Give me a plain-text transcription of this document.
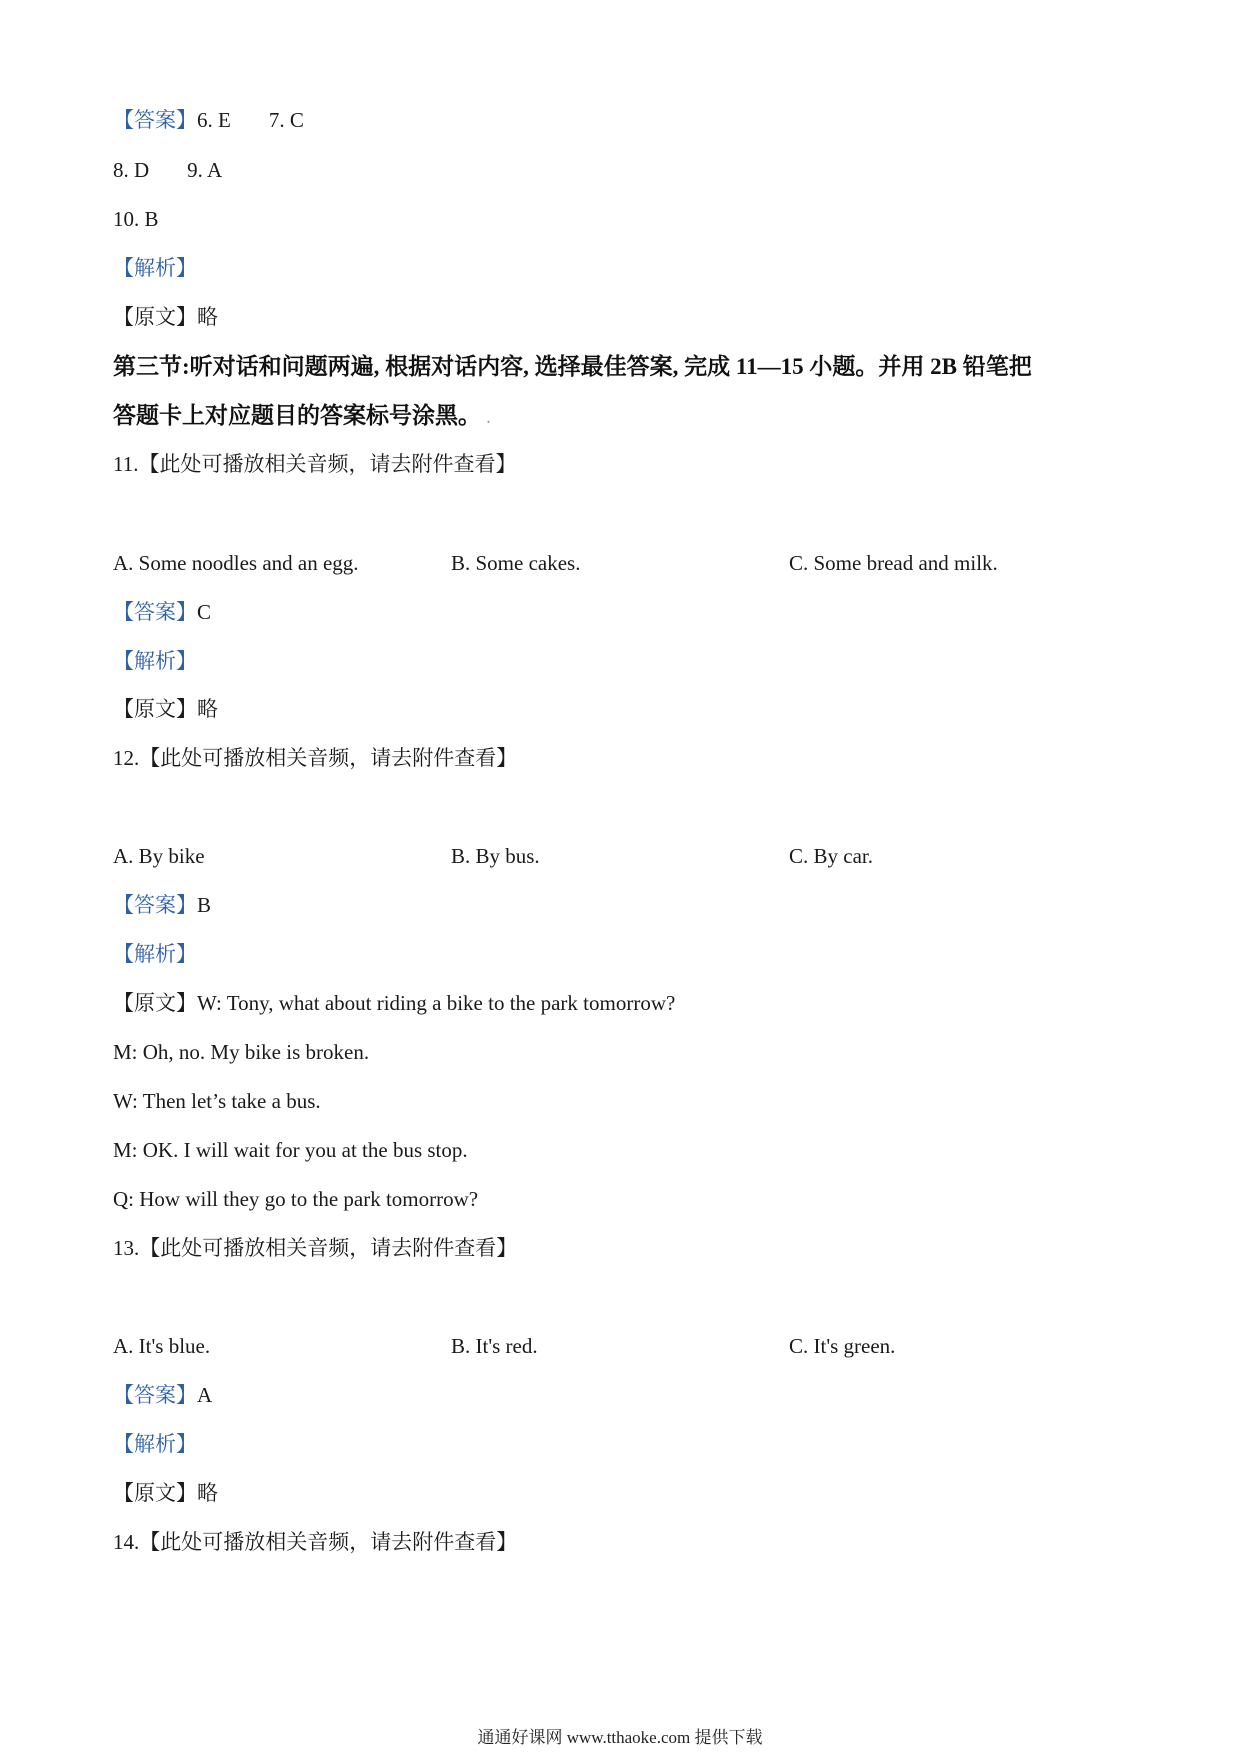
【答案】6. E 7. C
8. D 9. A
10. B
【解析】
【原文】略
第三节:听对话和问题两遍, 根据对话内容, 选择最佳答案, 完成 11—15 小题。并用 2B 铅笔把
答题卡上对应题目的答案标号涂黑。 .
11.【此处可播放相关音频，请去附件查看】
A. Some noodles and an egg.	B. Some cakes.	C. Some bread and milk.
【答案】C
【解析】
【原文】略
12.【此处可播放相关音频，请去附件查看】
A. By bike	B. By bus.	C. By car.
【答案】B
【解析】
【原文】W: Tony, what about riding a bike to the park tomorrow?
M: Oh, no. My bike is broken.
W: Then let’s take a bus.
M: OK. I will wait for you at the bus stop.
Q: How will they go to the park tomorrow?
13.【此处可播放相关音频，请去附件查看】
A. It's blue.	B. It's red.	C. It's green.
【答案】A
【解析】
【原文】略
14.【此处可播放相关音频，请去附件查看】
通通好课网 www.tthaoke.com 提供下载
